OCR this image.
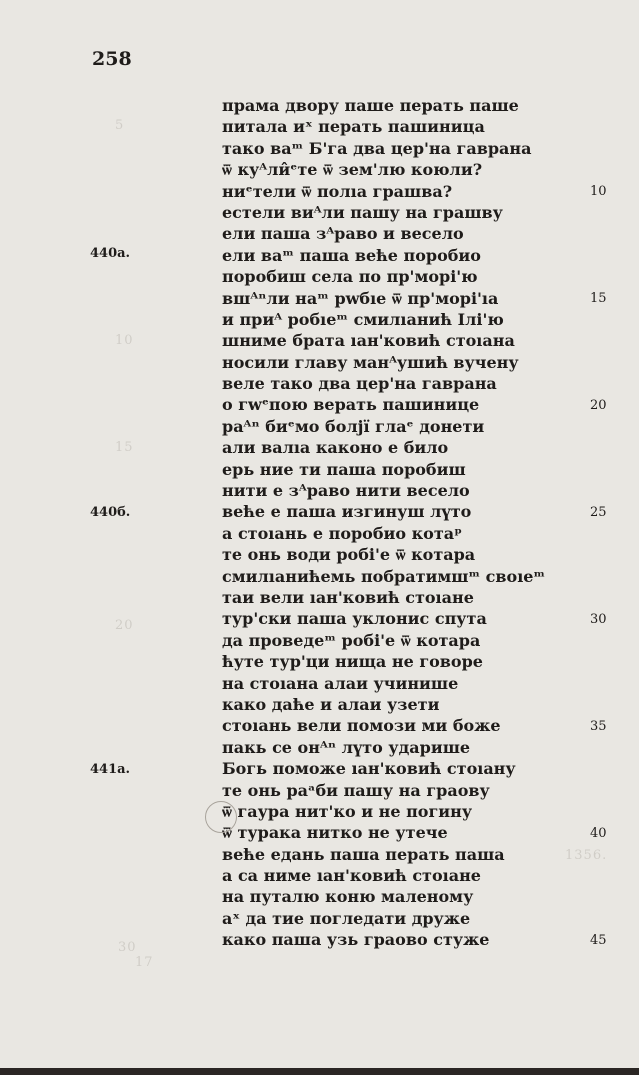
5
10
15
20
30
1356.
17
258
440а.
440б.
441а.
прама двору паше перать паше
питала иˣ перать пашиница
тако ваᵐ Б'га два цер'на гаврана
ѿ куᴬли̂ᵉте ѿ зем'лю коюли?
ниᵉтели ѿ полıа грашва?
естели виᴬли пашу на грашву
ели паша зᴬраво и весело
ели ваᵐ паша веће поробио
поробиш села по пр'морі'ю
вшᴬⁿли наᵐ рwбıе ѿ пр'морі'ıа
и приᴬ робıеᵐ смилıанић Ілі'ю
шниме брата ıан'ковић стоıана
носили главу манᴬушић вучену
веле тако два цер'на гаврана
о гwᵉпою верать пашинице
раᴬⁿ биᵉмо болјї глаᵉ донети
али валıа каконо е било
ерь ние ти паша поробиш
нити е зᴬраво нити весело
веће е паша изгинуш лүто
а стоıань е поробио котаᵖ
те онь води робі'е ѿ котара
смилıанићемь побратимшᵐ своıеᵐ
таи вели ıан'ковић стоıане
тур'ски паша уклонис спута
да проведеᵐ робі'е ѿ котара
ћуте тур'ци нища не говоре
на стоıана алаи учинише
како даће и алаи узети
стоıань вели помози ми боже
пакь се онᴬⁿ лүто ударише
Богь поможе ıан'ковић стоıану
те онь раᵃби пашу на граову
ѿ гаура нит'ко и не погину
ѿ турака нитко не утече
веће едань паша перать паша
а са ниме ıан'ковић стоıане
на путалю коню маленому
аˣ да тие погледати друже
како паша узь граово стуже
10
15
20
25
30
35
40
45
